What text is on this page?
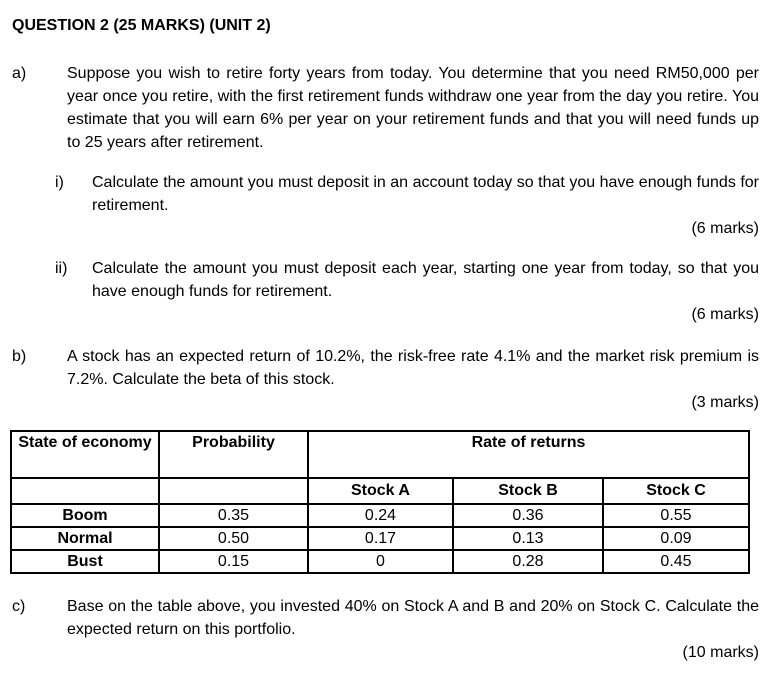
QUESTION 2 (25 MARKS) (UNIT 2)
a)	Suppose you wish to retire forty years from today. You determine that you need RM50,000 per year once you retire, with the first retirement funds withdraw one year from the day you retire. You estimate that you will earn 6% per year on your retirement funds and that you will need funds up to 25 years after retirement.
i)	Calculate the amount you must deposit in an account today so that you have enough funds for retirement.
(6 marks)
ii)	Calculate the amount you must deposit each year, starting one year from today, so that you have enough funds for retirement.
(6 marks)
b)	A stock has an expected return of 10.2%, the risk-free rate 4.1% and the market risk premium is 7.2%. Calculate the beta of this stock.
(3 marks)
State of economy	Probability	Rate of returns		
		Stock A	Stock B	Stock C
Boom	0.35	0.24	0.36	0.55
Normal	0.50	0.17	0.13	0.09
Bust	0.15	0	0.28	0.45
c)	Base on the table above, you invested 40% on Stock A and B and 20% on Stock C. Calculate the expected return on this portfolio.
(10 marks)
